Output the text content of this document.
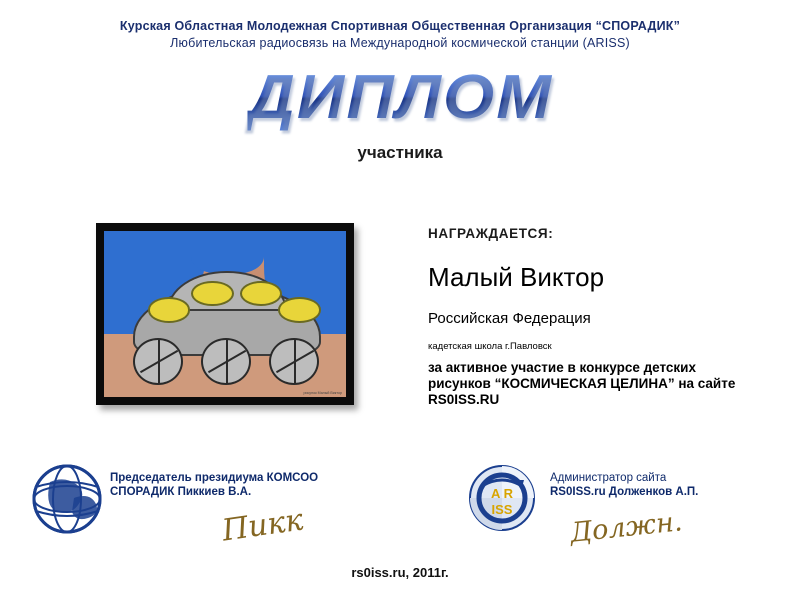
Курская Областная Молодежная Спортивная Общественная Организация “СПОРАДИК”
Любительская радиосвязь на Международной космической станции (ARISS)
ДИПЛОМ
участника
рисунок Малый Виктор
НАГРАЖДАЕТСЯ:
Малый Виктор
Российская Федерация
кадетская школа г.Павловск
за активное участие в конкурсе детских рисунков “КОСМИЧЕСКАЯ ЦЕЛИНА” на сайте RS0ISS.RU
A R
ISS
Председатель президиума КОМСОО
СПОРАДИК Пиккиев В.А.
Администратор сайта
RS0ISS.ru Долженков А.П.
Пикк	Должн.
rs0iss.ru, 2011г.
